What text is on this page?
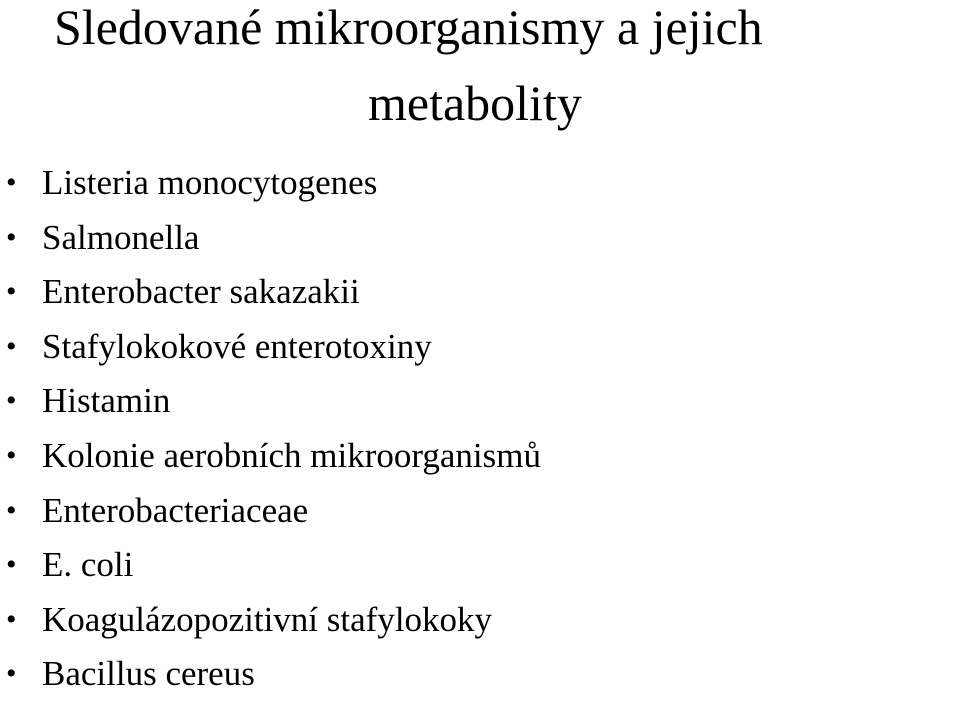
Sledované mikroorganismy a jejich
metabolity
• Listeria monocytogenes
• Salmonella
• Enterobacter sakazakii
• Stafylokokové enterotoxiny
• Histamin
• Kolonie aerobních mikroorganismů
• Enterobacteriaceae
• E. coli
• Koagulázopozitivní stafylokoky
• Bacillus cereus
